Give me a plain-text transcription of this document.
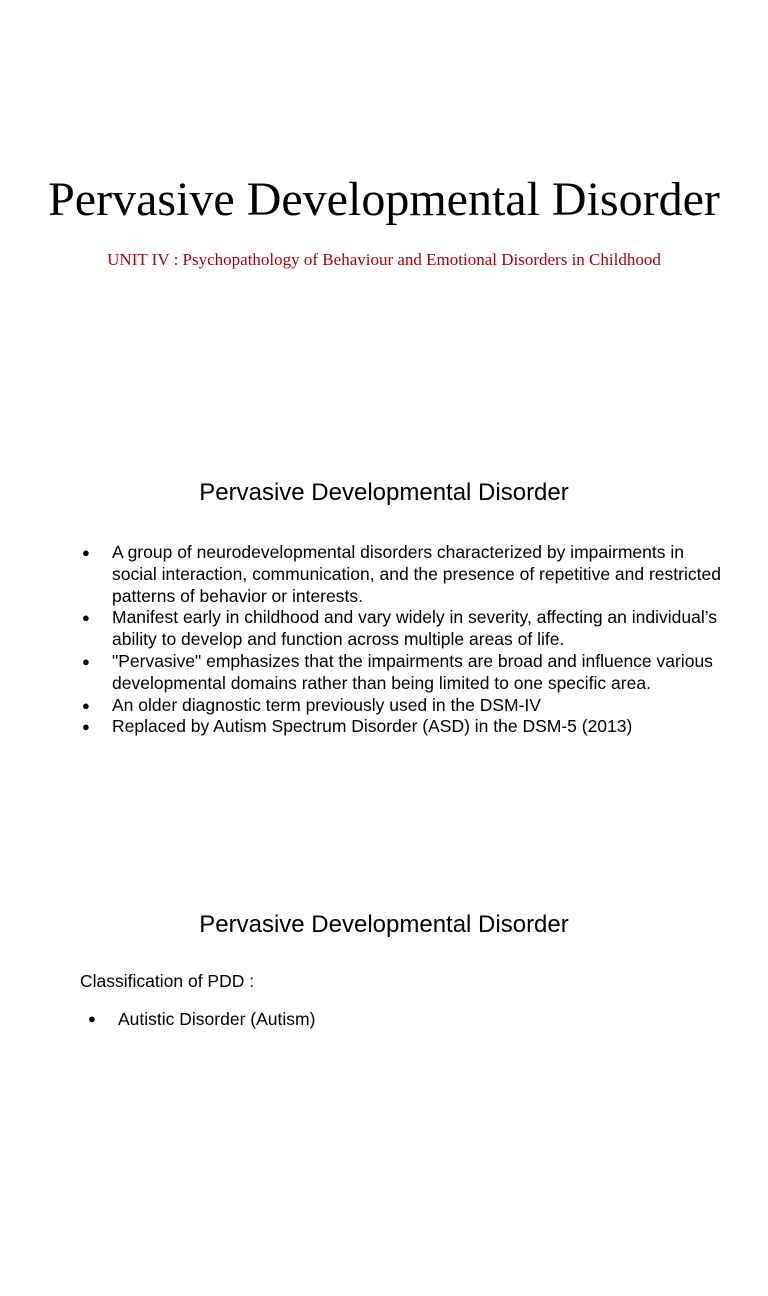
Pervasive Developmental Disorder

UNIT IV : Psychopathology of Behaviour and Emotional Disorders in Childhood

Pervasive Developmental Disorder
● A group of neurodevelopmental disorders characterized by impairments in social interaction, communication, and the presence of repetitive and restricted patterns of behavior or interests.
● Manifest early in childhood and vary widely in severity, affecting an individual’s ability to develop and function across multiple areas of life.
● "Pervasive" emphasizes that the impairments are broad and influence various developmental domains rather than being limited to one specific area.
● An older diagnostic term previously used in the DSM-IV
● Replaced by Autism Spectrum Disorder (ASD) in the DSM-5 (2013)
Pervasive Developmental Disorder

Classification of PDD :

● Autistic Disorder (Autism)
